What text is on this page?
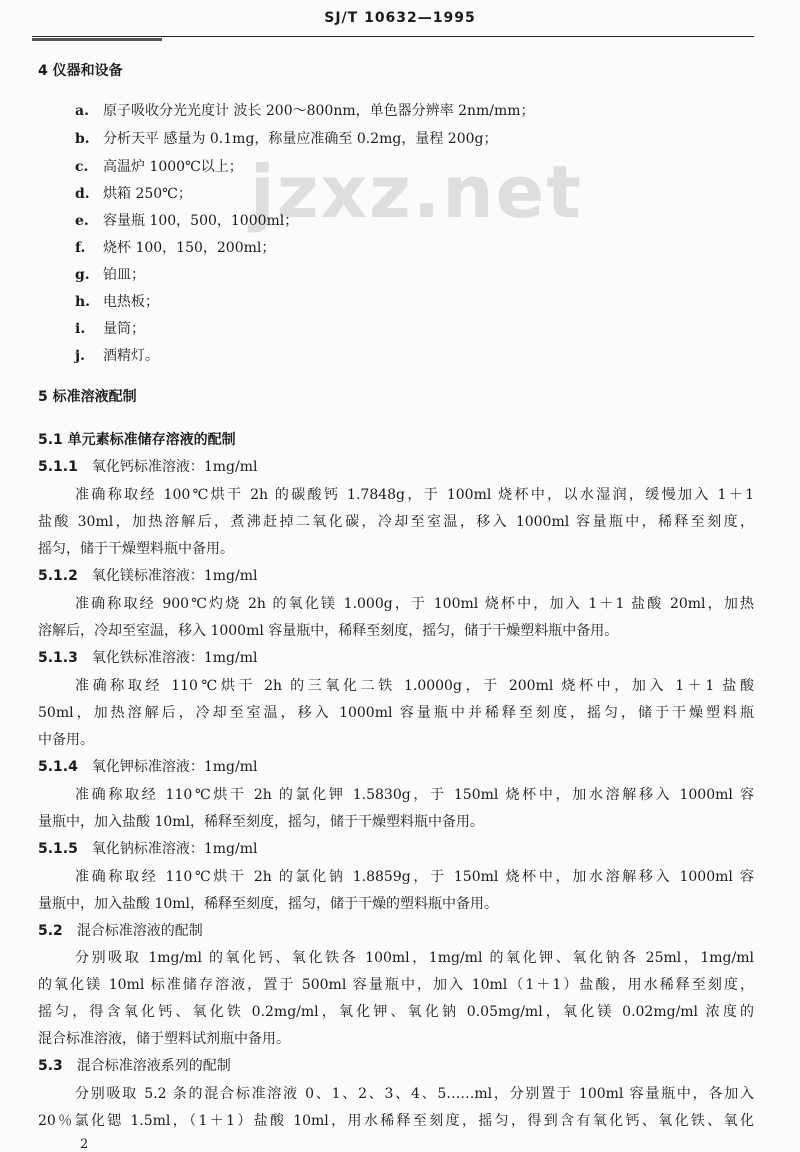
SJ/T 10632—1995
jzxz.net
4 仪器和设备
a. 原子吸收分光光度计 波长 200～800nm，单色器分辨率 2nm/mm；
b. 分析天平 感量为 0.1mg，称量应准确至 0.2mg，量程 200g；
c. 高温炉 1000℃以上；
d. 烘箱 250℃；
e. 容量瓶 100，500，1000ml；
f. 烧杯 100，150，200ml；
g. 铂皿；
h. 电热板；
i. 量筒；
j. 酒精灯。
5 标准溶液配制
5.1 单元素标准储存溶液的配制
5.1.1 氧化钙标准溶液：1mg/ml
准确称取经 100℃烘干 2h 的碳酸钙 1.7848g，于 100ml 烧杯中，以水湿润，缓慢加入 1＋1
盐酸 30ml，加热溶解后，煮沸赶掉二氧化碳，冷却至室温，移入 1000ml 容量瓶中，稀释至刻度，
摇匀，储于干燥塑料瓶中备用。
5.1.2 氧化镁标准溶液：1mg/ml
准确称取经 900℃灼烧 2h 的氧化镁 1.000g，于 100ml 烧杯中，加入 1＋1 盐酸 20ml，加热
溶解后，冷却至室温，移入 1000ml 容量瓶中，稀释至刻度，摇匀，储于干燥塑料瓶中备用。
5.1.3 氧化铁标准溶液：1mg/ml
准确称取经 110℃烘干 2h 的三氧化二铁 1.0000g，于 200ml 烧杯中，加入 1＋1 盐酸
50ml，加热溶解后，冷却至室温，移入 1000ml 容量瓶中并稀释至刻度，摇匀，储于干燥塑料瓶
中备用。
5.1.4 氧化钾标准溶液：1mg/ml
准确称取经 110℃烘干 2h 的氯化钾 1.5830g，于 150ml 烧杯中，加水溶解移入 1000ml 容
量瓶中，加入盐酸 10ml，稀释至刻度，摇匀，储于干燥塑料瓶中备用。
5.1.5 氧化钠标准溶液：1mg/ml
准确称取经 110℃烘干 2h 的氯化钠 1.8859g，于 150ml 烧杯中，加水溶解移入 1000ml 容
量瓶中，加入盐酸 10ml，稀释至刻度，摇匀，储于干燥的塑料瓶中备用。
5.2 混合标准溶液的配制
分别吸取 1mg/ml 的氧化钙、氧化铁各 100ml，1mg/ml 的氧化钾、氧化钠各 25ml，1mg/ml
的氧化镁 10ml 标准储存溶液，置于 500ml 容量瓶中，加入 10ml（1＋1）盐酸，用水稀释至刻度，
摇匀，得含氧化钙、氧化铁 0.2mg/ml，氧化钾、氧化钠 0.05mg/ml，氧化镁 0.02mg/ml 浓度的
混合标准溶液，储于塑料试剂瓶中备用。
5.3 混合标准溶液系列的配制
分别吸取 5.2 条的混合标准溶液 0、1、2、3、4、5……ml，分别置于 100ml 容量瓶中，各加入
20％氯化锶 1.5ml，（1＋1）盐酸 10ml，用水稀释至刻度，摇匀，得到含有氧化钙、氧化铁、氧化
2
